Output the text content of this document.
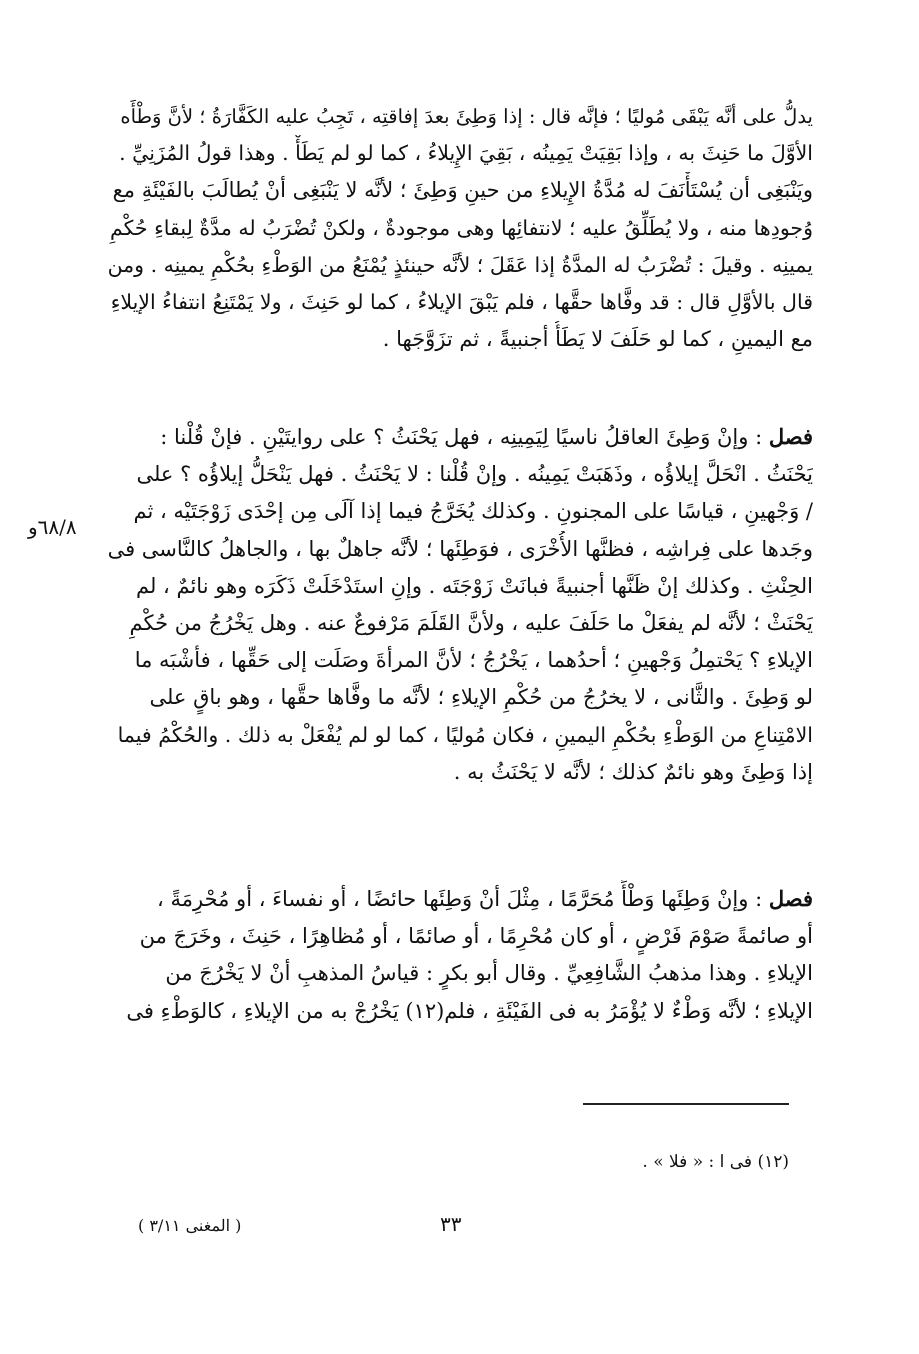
يدلُّ على أنَّه يَبْقَى مُوليًا ؛ فإنَّه قال : إذا وَطِئَ بعدَ إفاقتِه ، تَجِبُ عليه الكَفَّارَةُ ؛ لأنَّ وَطْأَه
الأوَّلَ ما حَنِثَ به ، وإذا بَقِيَتْ يَمِينُه ، بَقِيَ الإِيلاءُ ، كما لو لم يَطَأْ . وهذا قولُ المُزَنِيِّ .
ويَنْبَغِى أن يُسْتَأْنَفَ له مُدَّةُ الإِيلاءِ من حينِ وَطِئَ ؛ لأنَّه لا يَنْبَغِى أنْ يُطالَبَ بالفَيْئَةِ مع
وُجودِها منه ، ولا يُطَلِّقُ عليه ؛ لانتفائِها وهى موجودةٌ ، ولكنْ تُضْرَبُ له مدَّةٌ لِبقاءِ حُكْمِ
يمينِه . وقيلَ : تُضْرَبُ له المدَّةُ إذا عَقَلَ ؛ لأنَّه حينئذٍ يُمْنَعُ من الوَطْءِ بحُكْمِ يمينِه . ومن
قال بالأوَّلِ قال : قد وفَّاها حقَّها ، فلم يَبْقَ الإيلاءُ ، كما لو حَنِثَ ، ولا يَمْتَنِعُ انتفاءُ الإيلاءِ
مع اليمينِ ، كما لو حَلَفَ لا يَطَأُ أجنبيةً ، ثم تزَوَّجَها .
فصل : وإنْ وَطِئَ العاقلُ ناسيًا لِيَمِينِه ، فهل يَحْنَثُ ؟ على روايتَيْنِ . فإنْ قُلْنا :
يَحْنَثُ . انْحَلَّ إيلاؤُه ، وذَهَبَتْ يَمِينُه . وإنْ قُلْنا : لا يَحْنَثُ . فهل يَنْحَلُّ إيلاؤُه ؟ على
/ وَجْهينِ ، قياسًا على المجنونِ . وكذلك يُخَرَّجُ فيما إذا آلَى مِن إحْدَى زَوْجَتَيْه ، ثم
وجَدها على فِراشِه ، فظنَّها الأُخْرَى ، فوَطِئَها ؛ لأنَّه جاهلٌ بها ، والجاهلُ كالنَّاسى فى
الحِنْثِ . وكذلك إنْ ظَنَّها أجنبيةً فبانَتْ زَوْجَتَه . وإنِ استَدْخَلَتْ ذَكَرَه وهو نائمٌ ، لم
يَحْنَثْ ؛ لأنَّه لم يفعَلْ ما حَلَفَ عليه ، ولأنَّ القَلَمَ مَرْفوعٌ عنه . وهل يَخْرُجُ من حُكْمِ
الإيلاءِ ؟ يَحْتمِلُ وَجْهينِ ؛ أحدُهما ، يَخْرُجُ ؛ لأنَّ المرأةَ وصَلَت إلى حَقِّها ، فأشْبَه ما
لو وَطِئَ . والثَّانى ، لا يخرُجُ من حُكْمِ الإيلاءِ ؛ لأنَّه ما وفَّاها حقَّها ، وهو باقٍ على
الامْتِناعِ من الوَطْءِ بحُكْمِ اليمينِ ، فكان مُوليًا ، كما لو لم يُفْعَلْ به ذلك . والحُكْمُ فيما
إذا وَطِئَ وهو نائمٌ كذلك ؛ لأنَّه لا يَحْنَثُ به .
٦٨/٨و
فصل : وإنْ وَطِئَها وَطْأً مُحَرَّمًا ، مِثْلَ أنْ وَطِئَها حائضًا ، أو نفساءَ ، أو مُحْرِمَةً ،
أو صائمةً صَوْمَ فَرْضٍ ، أو كان مُحْرِمًا ، أو صائمًا ، أو مُظاهِرًا ، حَنِثَ ، وخَرَجَ من
الإيلاءِ . وهذا مذهبُ الشَّافِعِيِّ . وقال أبو بكرٍ : قياسُ المذهبِ أنْ لا يَخْرُجَ من
الإيلاءِ ؛ لأنَّه وَطْءٌ لا يُؤْمَرُ به فى الفَيْئَةِ ، فلم(١٢) يَخْرُجْ به من الإيلاءِ ، كالوَطْءِ فى
(١٢) فى ا : « فلا » .
٣٣
( المغنى ٣/١١ )
